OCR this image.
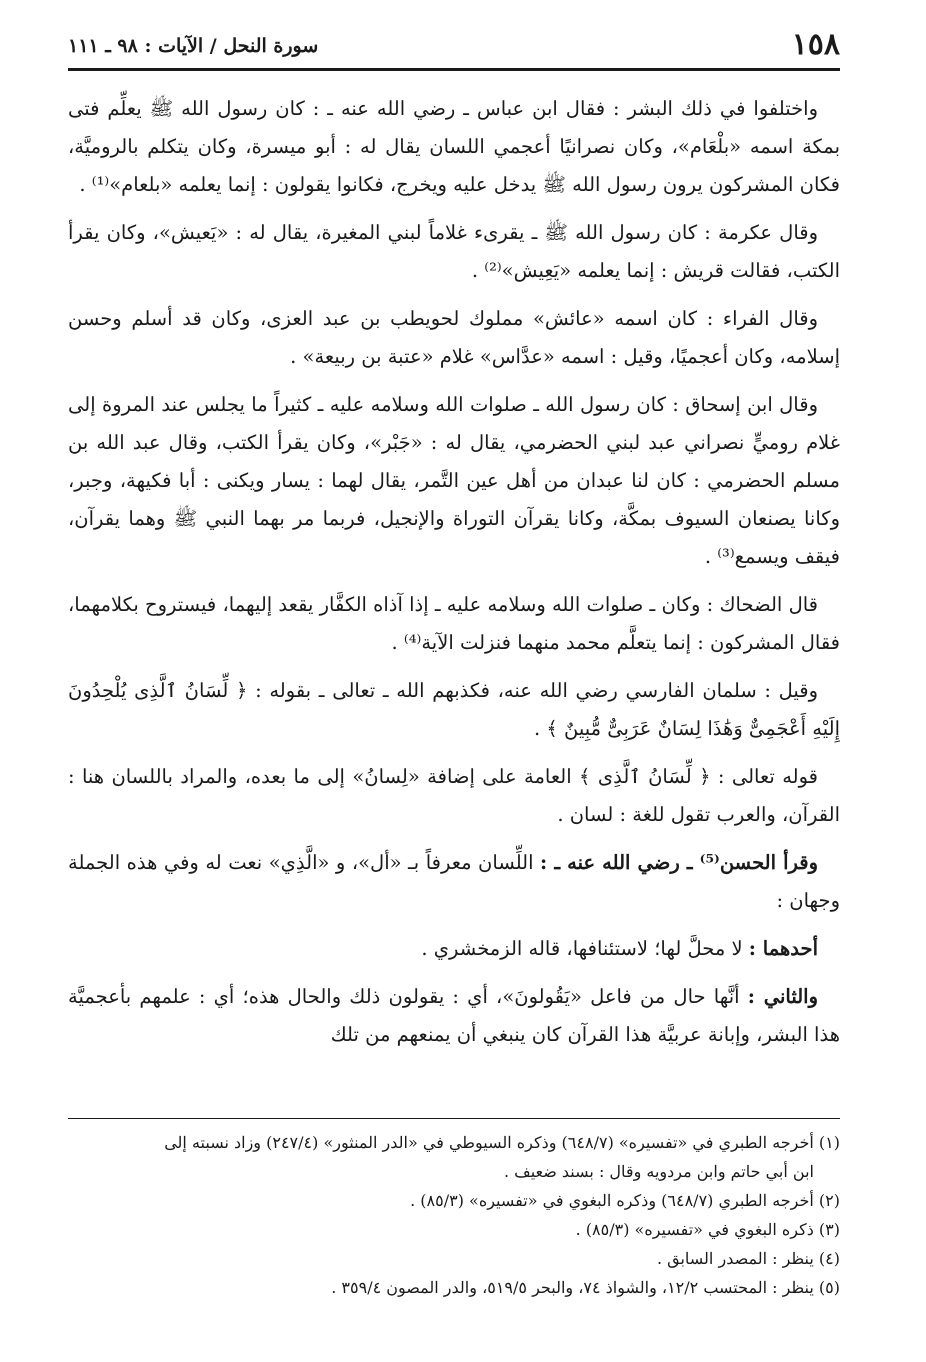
١٥٨
سورة النحل / الآيات : ٩٨ ـ ١١١

واختلفوا في ذلك البشر : فقال ابن عباس ـ رضي الله عنه ـ : كان رسول الله ﷺ يعلِّم فتى بمكة اسمه «بلْعَام»، وكان نصرانيًا أعجمي اللسان يقال له : أبو ميسرة، وكان يتكلم بالروميَّة، فكان المشركون يرون رسول الله ﷺ يدخل عليه ويخرج، فكانوا يقولون : إنما يعلمه «بلعام»⁽¹⁾ .

وقال عكرمة : كان رسول الله ﷺ ـ يقرىء غلاماً لبني المغيرة، يقال له : «يَعيش»، وكان يقرأ الكتب، فقالت قريش : إنما يعلمه «يَعِيش»⁽²⁾ .

وقال الفراء : كان اسمه «عائش» مملوك لحويطب بن عبد العزى، وكان قد أسلم وحسن إسلامه، وكان أعجميًا، وقيل : اسمه «عدَّاس» غلام «عتبة بن ربيعة» .

وقال ابن إسحاق : كان رسول الله ـ صلوات الله وسلامه عليه ـ كثيراً ما يجلس عند المروة إلى غلام روميٍّ نصراني عبد لبني الحضرمي، يقال له : «جَبْر»، وكان يقرأ الكتب، وقال عبد الله بن مسلم الحضرمي : كان لنا عبدان من أهل عين التَّمر، يقال لهما : يسار ويكنى : أبا فكيهة، وجبر، وكانا يصنعان السيوف بمكَّة، وكانا يقرآن التوراة والإنجيل، فربما مر بهما النبي ﷺ وهما يقرآن، فيقف ويسمع⁽³⁾ .

قال الضحاك : وكان ـ صلوات الله وسلامه عليه ـ إذا آذاه الكفَّار يقعد إليهما، فيستروح بكلامهما، فقال المشركون : إنما يتعلَّم محمد منهما فنزلت الآية⁽⁴⁾ .

وقيل : سلمان الفارسي رضي الله عنه، فكذبهم الله ـ تعالى ـ بقوله : ﴿ لِّسَانُ ٱلَّذِى يُلْحِدُونَ إِلَيْهِ أَعْجَمِىٌّ وَهَٰذَا لِسَانٌ عَرَبِىٌّ مُّبِينٌ ﴾ .

قوله تعالى : ﴿ لِّسَانُ ٱلَّذِى ﴾ العامة على إضافة «لِسانُ» إلى ما بعده، والمراد باللسان هنا : القرآن، والعرب تقول للغة : لسان .

وقرأ الحسن⁽⁵⁾ ـ رضي الله عنه ـ : اللِّسان معرفاً بـ «أل»، و «الَّذِي» نعت له وفي هذه الجملة وجهان :

أحدهما : لا محلَّ لها؛ لاستئنافها، قاله الزمخشري .

والثاني : أنَّها حال من فاعل «يَقُولونَ»، أي : يقولون ذلك والحال هذه؛ أي : علمهم بأعجميَّة هذا البشر، وإبانة عربيَّة هذا القرآن كان ينبغي أن يمنعهم من تلك

(١) أخرجه الطبري في «تفسيره» (٦٤٨/٧) وذكره السيوطي في «الدر المنثور» (٢٤٧/٤) وزاد نسبته إلى
ابن أبي حاتم وابن مردويه وقال : بسند ضعيف .

(٢) أخرجه الطبري (٦٤٨/٧) وذكره البغوي في «تفسيره» (٨٥/٣) .

(٣) ذكره البغوي في «تفسيره» (٨٥/٣) .

(٤) ينظر : المصدر السابق .

(٥) ينظر : المحتسب ١٢/٢، والشواذ ٧٤، والبحر ٥١٩/٥، والدر المصون ٣٥٩/٤ .
